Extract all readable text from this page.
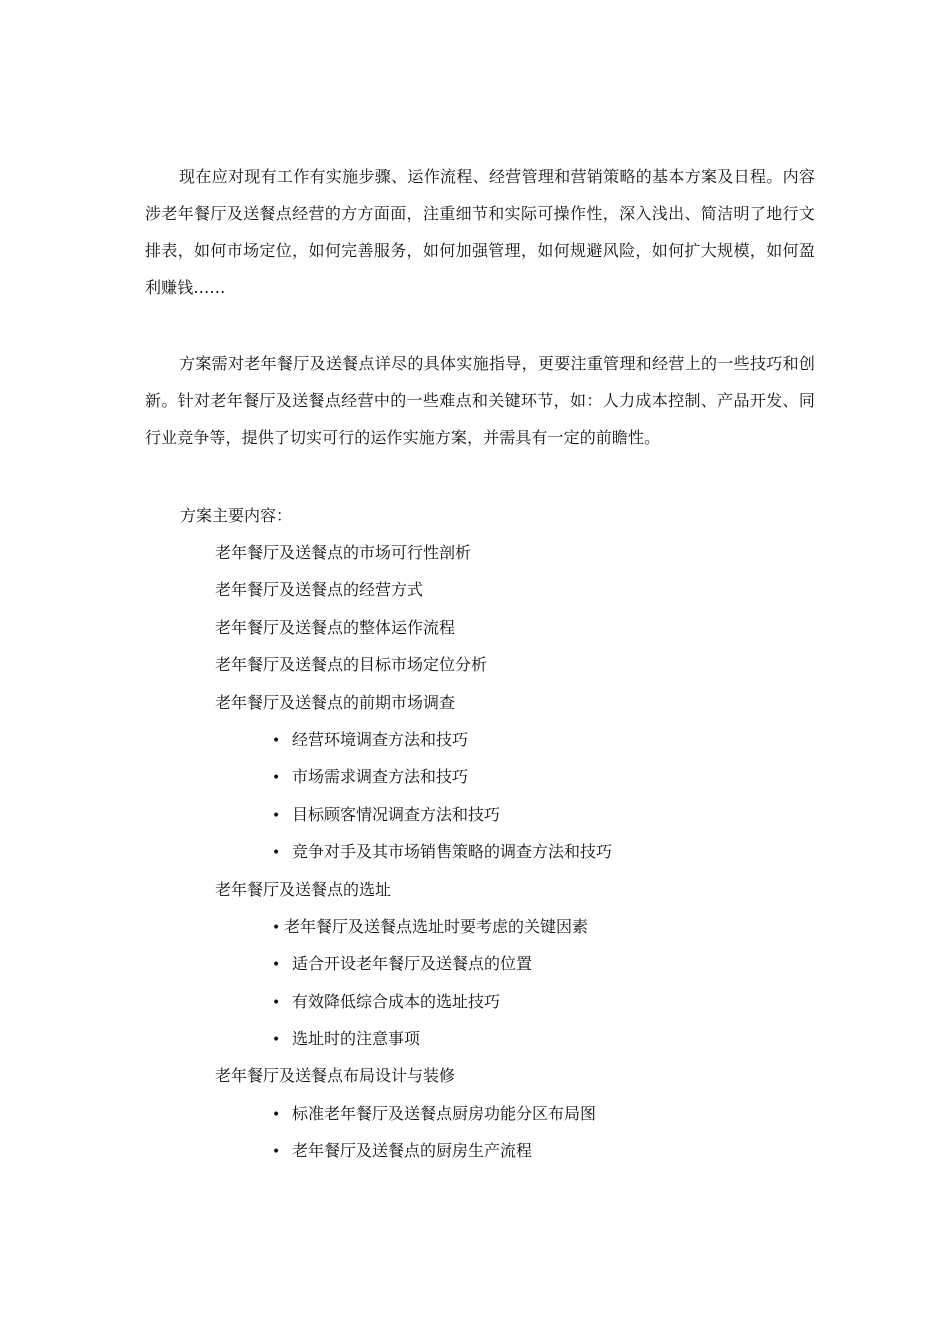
现在应对现有工作有实施步骤、运作流程、经营管理和营销策略的基本方案及日程。内容涉老年餐厅及送餐点经营的方方面面，注重细节和实际可操作性，深入浅出、简洁明了地行文排表，如何市场定位，如何完善服务，如何加强管理，如何规避风险，如何扩大规模，如何盈利赚钱……

方案需对老年餐厅及送餐点详尽的具体实施指导，更要注重管理和经营上的一些技巧和创新。针对老年餐厅及送餐点经营中的一些难点和关键环节，如：人力成本控制、产品开发、同行业竞争等，提供了切实可行的运作实施方案，并需具有一定的前瞻性。

方案主要内容：

老年餐厅及送餐点的市场可行性剖析
老年餐厅及送餐点的经营方式
老年餐厅及送餐点的整体运作流程
老年餐厅及送餐点的目标市场定位分析
老年餐厅及送餐点的前期市场调查
• 经营环境调查方法和技巧
• 市场需求调查方法和技巧
• 目标顾客情况调查方法和技巧
• 竞争对手及其市场销售策略的调查方法和技巧
老年餐厅及送餐点的选址
• 老年餐厅及送餐点选址时要考虑的关键因素
• 适合开设老年餐厅及送餐点的位置
• 有效降低综合成本的选址技巧
• 选址时的注意事项
老年餐厅及送餐点布局设计与装修
• 标准老年餐厅及送餐点厨房功能分区布局图
• 老年餐厅及送餐点的厨房生产流程
